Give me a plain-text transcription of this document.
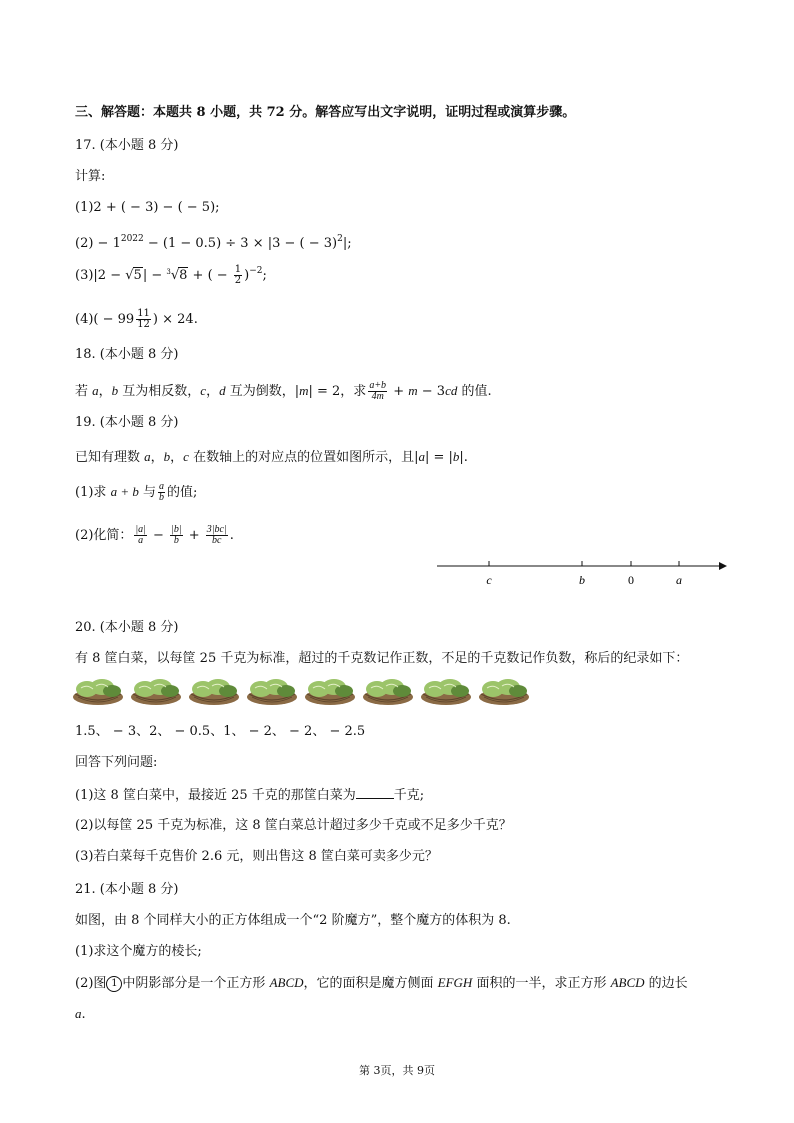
三、解答题：本题共 8 小题，共 72 分。解答应写出文字说明，证明过程或演算步骤。
17. (本小题 8 分)
计算:
(1)2 + ( − 3) − ( − 5);
$(2) - 1^{2022} - (1 - 0.5) \div 3 \times |3$ − ( − 3)$^2$|;
(3)|2 − √5| − $^3$√8 + ( − $\frac{1}{2} )^{-2}$;
$(4)( - 99 \frac{11}{12}$ ) × 24.
18. (本小题 8 分)
若 a，b 互为相反数，c，d 互为倒数，|m| = 2，求 $\frac{a+b}{4m} + m - 3cd$ 的值.
19. (本小题 8 分)
已知有理数 a，b，c 在数轴上的对应点的位置如图所示，且|a| = |b|.
(1)求 a + b 与 $\frac{a}{b}$ 的值;
(2)化简： $\frac{|a|}{a} - \frac{|b|}{b} + \frac{3|bc|}{bc}$ .
c	b	0	a
20. (本小题 8 分)
有 8 筐白菜，以每筐 25 千克为标准，超过的千克数记作正数，不足的千克数记作负数，称后的纪录如下：
1.5、 − 3、2、 − 0.5、1、 − 2、 − 2、 − 2.5
回答下列问题:
(1)这 8 筐白菜中，最接近 25 千克的那筐白菜为	千克;
(2)以每筐 25 千克为标准，这 8 筐白菜总计超过多少千克或不足多少千克？
(3)若白菜每千克售价 2.6 元，则出售这 8 筐白菜可卖多少元？
21. (本小题 8 分)
如图，由 8 个同样大小的正方体组成一个“2 阶魔方”，整个魔方的体积为 8.
(1)求这个魔方的棱长;
(2)图 1 中阴影部分是一个正方形 ABCD，它的面积是魔方侧面 EFGH 面积的一半，求正方形 ABCD 的边长
a.
第 3页，共 9页
